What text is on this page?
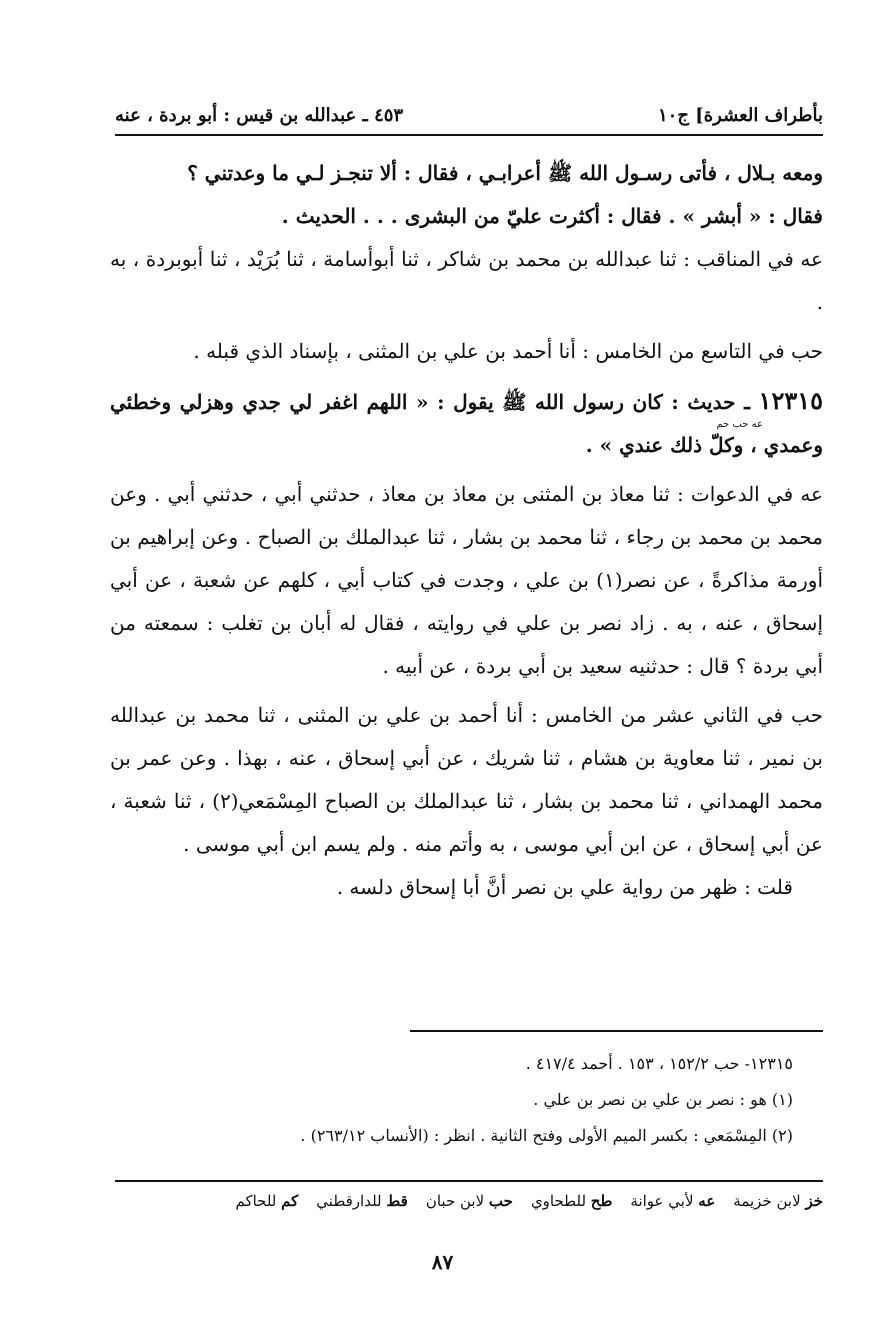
بأطراف العشرة] ج١٠
٤٥٣ ـ عبدالله بن قيس : أبو بردة ، عنه

ومعه بـلال ، فأتى رسـول الله ﷺ أعرابـي ، فقال : ألا تنجـز لـي ما وعدتني ؟

فقال : « أبشر » . فقال : أكثرت عليّ من البشرى . . . الحديث .

عه في المناقب : ثنا عبدالله بن محمد بن شاكر ، ثنا أبوأسامة ، ثنا بُرَيْد ، ثنا أبوبردة ، به .

حب في التاسع من الخامس : أنا أحمد بن علي بن المثنى ، بإسناد الذي قبله .

١٢٣١٥ ـ حديث : كان رسول الله ﷺ يقول : « اللهم اغفر لي جدي وهزلي وخطئي وعمدي ، وكلّ ذلك عندي » .

عه في الدعوات : ثنا معاذ بن المثنى بن معاذ بن معاذ ، حدثني أبي ، حدثني أبي . وعن محمد بن محمد بن رجاء ، ثنا محمد بن بشار ، ثنا عبدالملك بن الصباح . وعن إبراهيم بن أورمة مذاكرةً ، عن نصر(١) بن علي ، وجدت في كتاب أبي ، كلهم عن شعبة ، عن أبي إسحاق ، عنه ، به . زاد نصر بن علي في روايته ، فقال له أبان بن تغلب : سمعته من أبي بردة ؟ قال : حدثنيه سعيد بن أبي بردة ، عن أبيه .

حب في الثاني عشر من الخامس : أنا أحمد بن علي بن المثنى ، ثنا محمد بن عبدالله بن نمير ، ثنا معاوية بن هشام ، ثنا شريك ، عن أبي إسحاق ، عنه ، بهذا . وعن عمر بن محمد الهمداني ، ثنا محمد بن بشار ، ثنا عبدالملك بن الصباح المِسْمَعي(٢) ، ثنا شعبة ، عن أبي إسحاق ، عن ابن أبي موسى ، به وأتم منه . ولم يسم ابن أبي موسى .

قلت : ظهر من رواية علي بن نصر أنَّ أبا إسحاق دلسه .

عه حب حم

١٢٣١٥- حب ١٥٢/٢ ، ١٥٣ . أحمد ٤١٧/٤ .

(١) هو : نصر بن علي بن نصر بن علي .

(٢) المِسْمَعي : بكسر الميم الأولى وفتح الثانية . انظر : (الأنساب ٢٦٣/١٢) .

خز لابن خزيمة
عه لأبي عوانة
طح للطحاوي
حب لابن حبان
قط للدارقطني
كم للحاكم
٨٧
